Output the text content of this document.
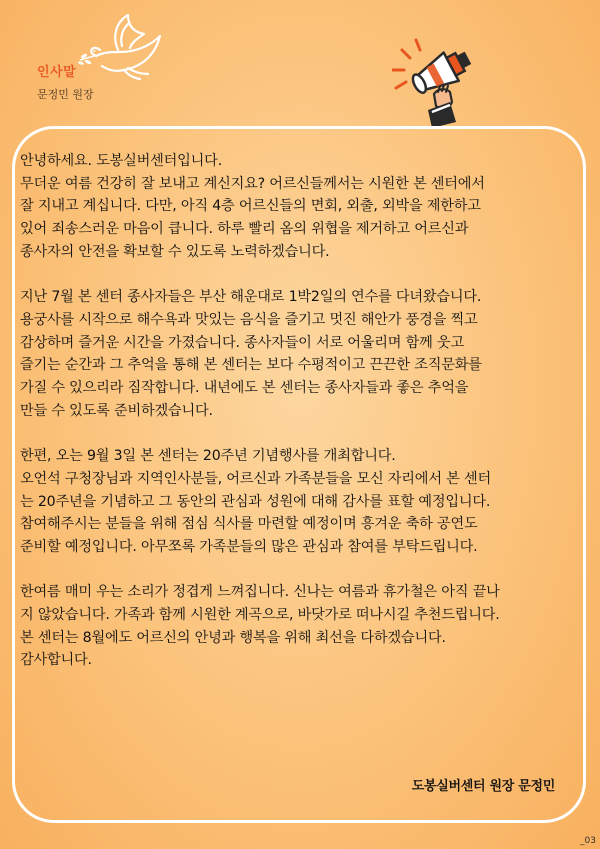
인사말
문정민 원장

안녕하세요. 도봉실버센터입니다.
무더운 여름 건강히 잘 보내고 계신지요? 어르신들께서는 시원한 본 센터에서
잘 지내고 계십니다. 다만, 아직 4층 어르신들의 면회, 외출, 외박을 제한하고
있어 죄송스러운 마음이 큽니다. 하루 빨리 옴의 위협을 제거하고 어르신과
종사자의 안전을 확보할 수 있도록 노력하겠습니다.

지난 7월 본 센터 종사자들은 부산 해운대로 1박2일의 연수를 다녀왔습니다.
용궁사를 시작으로 해수욕과 맛있는 음식을 즐기고 멋진 해안가 풍경을 찍고
감상하며 즐거운 시간을 가졌습니다. 종사자들이 서로 어울리며 함께 웃고
즐기는 순간과 그 추억을 통해 본 센터는 보다 수평적이고 끈끈한 조직문화를
가질 수 있으리라 짐작합니다. 내년에도 본 센터는 종사자들과 좋은 추억을
만들 수 있도록 준비하겠습니다.

한편, 오는 9월 3일 본 센터는 20주년 기념행사를 개최합니다.
오언석 구청장님과 지역인사분들, 어르신과 가족분들을 모신 자리에서 본 센터
는 20주년을 기념하고 그 동안의 관심과 성원에 대해 감사를 표할 예정입니다.
참여해주시는 분들을 위해 점심 식사를 마련할 예정이며 흥겨운 축하 공연도
준비할 예정입니다. 아무쪼록 가족분들의 많은 관심과 참여를 부탁드립니다.

한여름 매미 우는 소리가 정겹게 느껴집니다. 신나는 여름과 휴가철은 아직 끝나
지 않았습니다. 가족과 함께 시원한 계곡으로, 바닷가로 떠나시길 추천드립니다.
본 센터는 8월에도 어르신의 안녕과 행복을 위해 최선을 다하겠습니다.
감사합니다.

도봉실버센터 원장 문정민
_03
